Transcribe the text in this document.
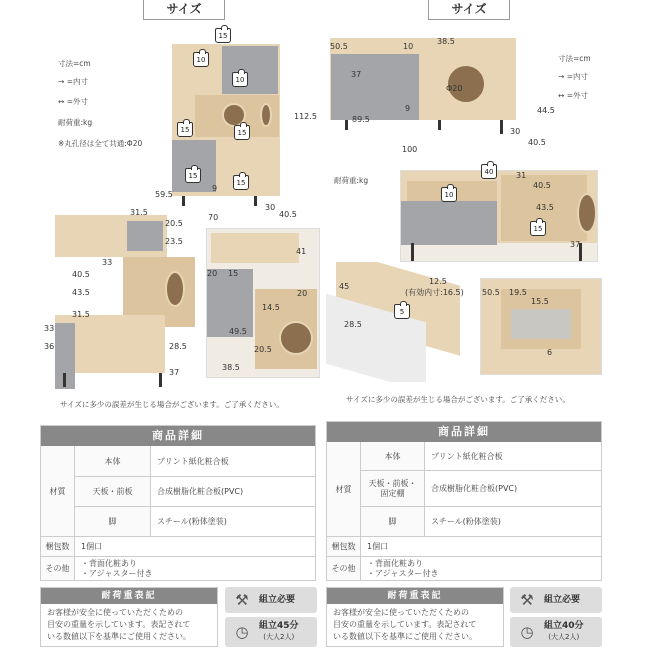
サイズ	サイズ
寸法=cm
→ =内寸
↔ =外寸
耐荷重:kg
※丸孔径は全て共通:Φ20
15
10
10
15	15
15
15
112.5
59.5
9
30
70	40.5
31.5
20.5
23.5
33
40.5
43.5
31.5
33
36	28.5
37
41
20 15
20
14.5
49.5
20.5
38.5
サイズに多少の誤差が生じる場合がございます。ご了承ください。
寸法=cm
→ =内寸
↔ =外寸
50.5	10
38.5
37
Φ20
44.5
9
89.5
30
100
40.5
耐荷重:kg
40	31
40.5
10
43.5
15
37
45
12.5
(有効内寸:16.5)
5
28.5
50.5 19.5
15.5
6
サイズに多少の誤差が生じる場合がございます。ご了承ください。
商品詳細
材質
本体	プリント紙化粧合板
天板・前板	合成樹脂化粧合板(PVC)
脚	スチール(粉体塗装)
梱包数	1個口
その他
・背面化粧あり
・アジャスター付き
商品詳細
材質
本体	プリント紙化粧合板
天板・前板・固定棚	合成樹脂化粧合板(PVC)
脚	スチール(粉体塗装)
梱包数	1個口
その他
・背面化粧あり
・アジャスター付き
耐荷重表記
お客様が安全に使っていただくための
目安の重量を示しています。表記されて
いる数値以下を基準にご使用ください。
⚒	組立必要
◷	組立45分
(大人2人)
耐荷重表記
お客様が安全に使っていただくための
目安の重量を示しています。表記されて
いる数値以下を基準にご使用ください。
⚒	組立必要
◷	組立40分
(大人2人)
